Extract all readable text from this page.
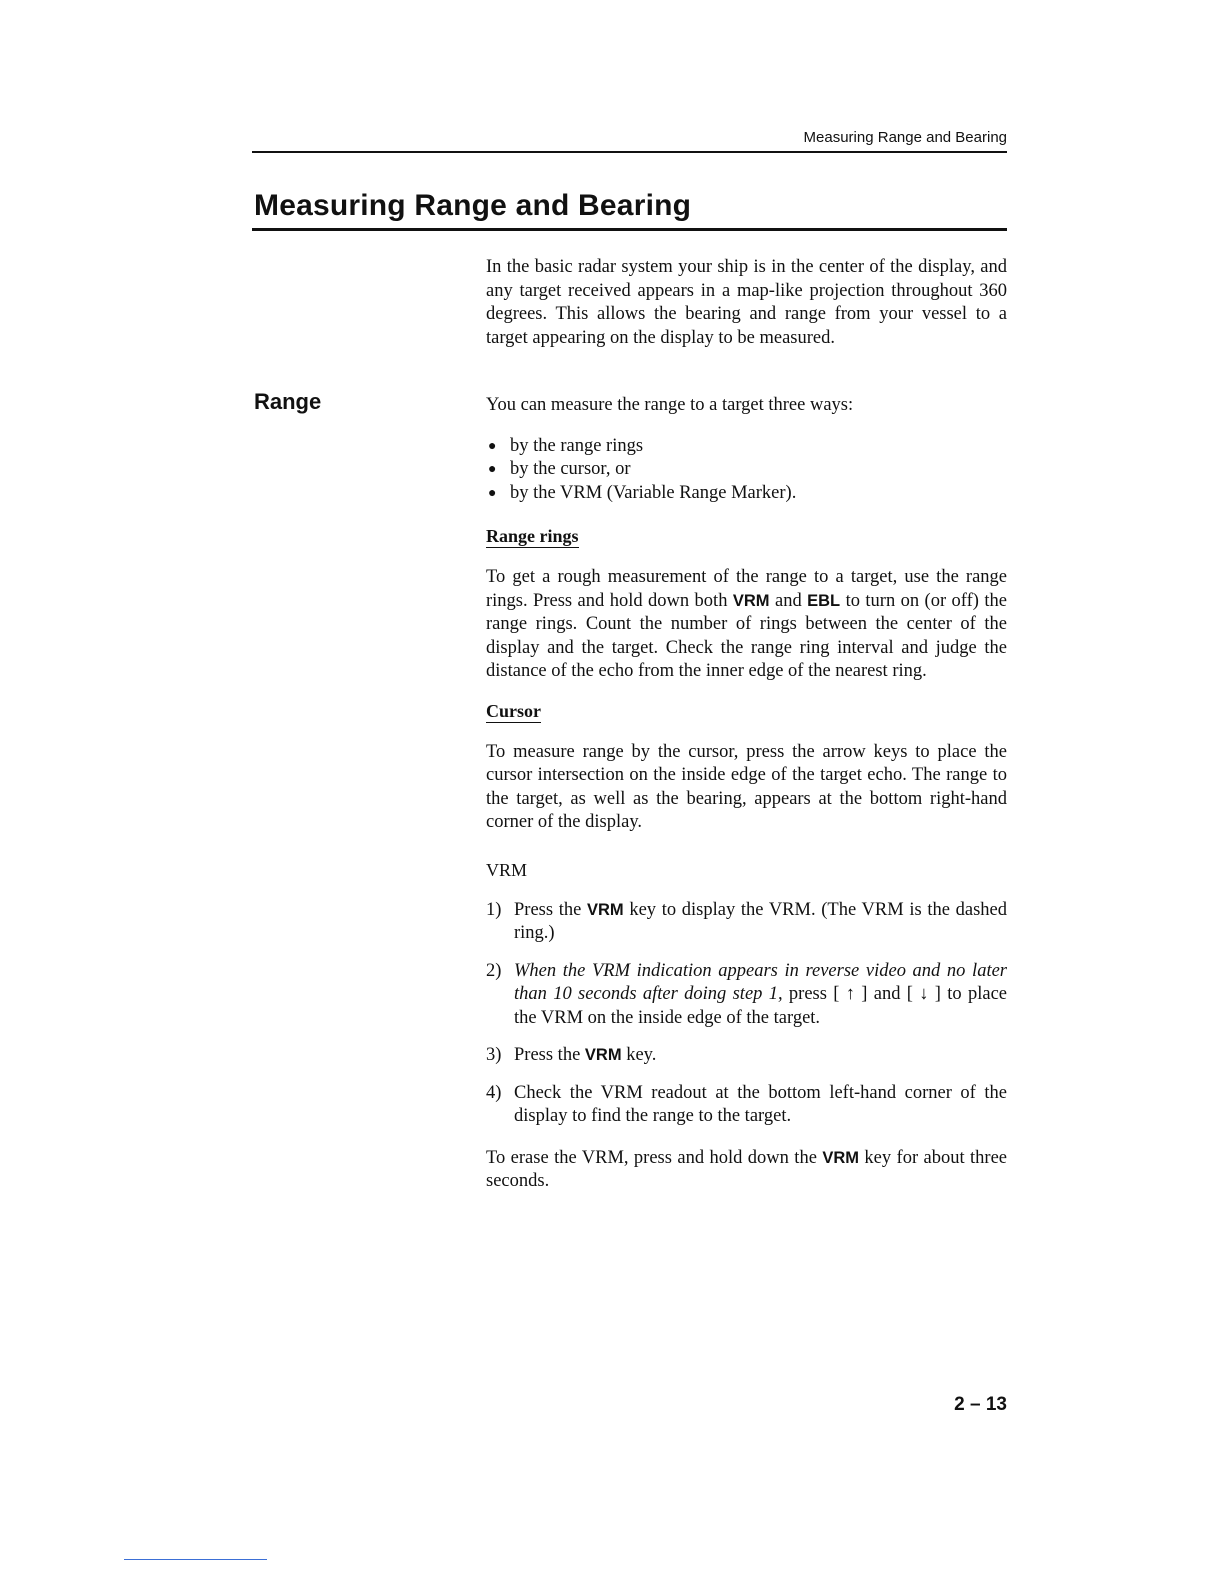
Measuring Range and Bearing
Measuring Range and Bearing
Range

In the basic radar system your ship is in the center of the display, and any target received appears in a map-like projection throughout 360 degrees. This allows the bearing and range from your vessel to a target appearing on the display to be measured.

You can measure the range to a target three ways:

● by the range rings
● by the cursor, or
● by the VRM (Variable Range Marker).
Range rings

To get a rough measurement of the range to a target, use the range rings. Press and hold down both VRM and EBL to turn on (or off) the range rings. Count the number of rings between the center of the display and the target. Check the range ring interval and judge the distance of the echo from the inner edge of the nearest ring.

Cursor

To measure range by the cursor, press the arrow keys to place the cursor intersection on the inside edge of the target echo. The range to the target, as well as the bearing, appears at the bottom right-hand corner of the display.

VRM
1) Press the VRM key to display the VRM. (The VRM is the dashed ring.)
2) When the VRM indication appears in reverse video and no later than 10 seconds after doing step 1, press [ ↑ ] and [ ↓ ] to place the VRM on the inside edge of the target.
3) Press the VRM key.
4) Check the VRM readout at the bottom left-hand corner of the display to find the range to the target.

To erase the VRM, press and hold down the VRM key for about three seconds.

2 – 13
